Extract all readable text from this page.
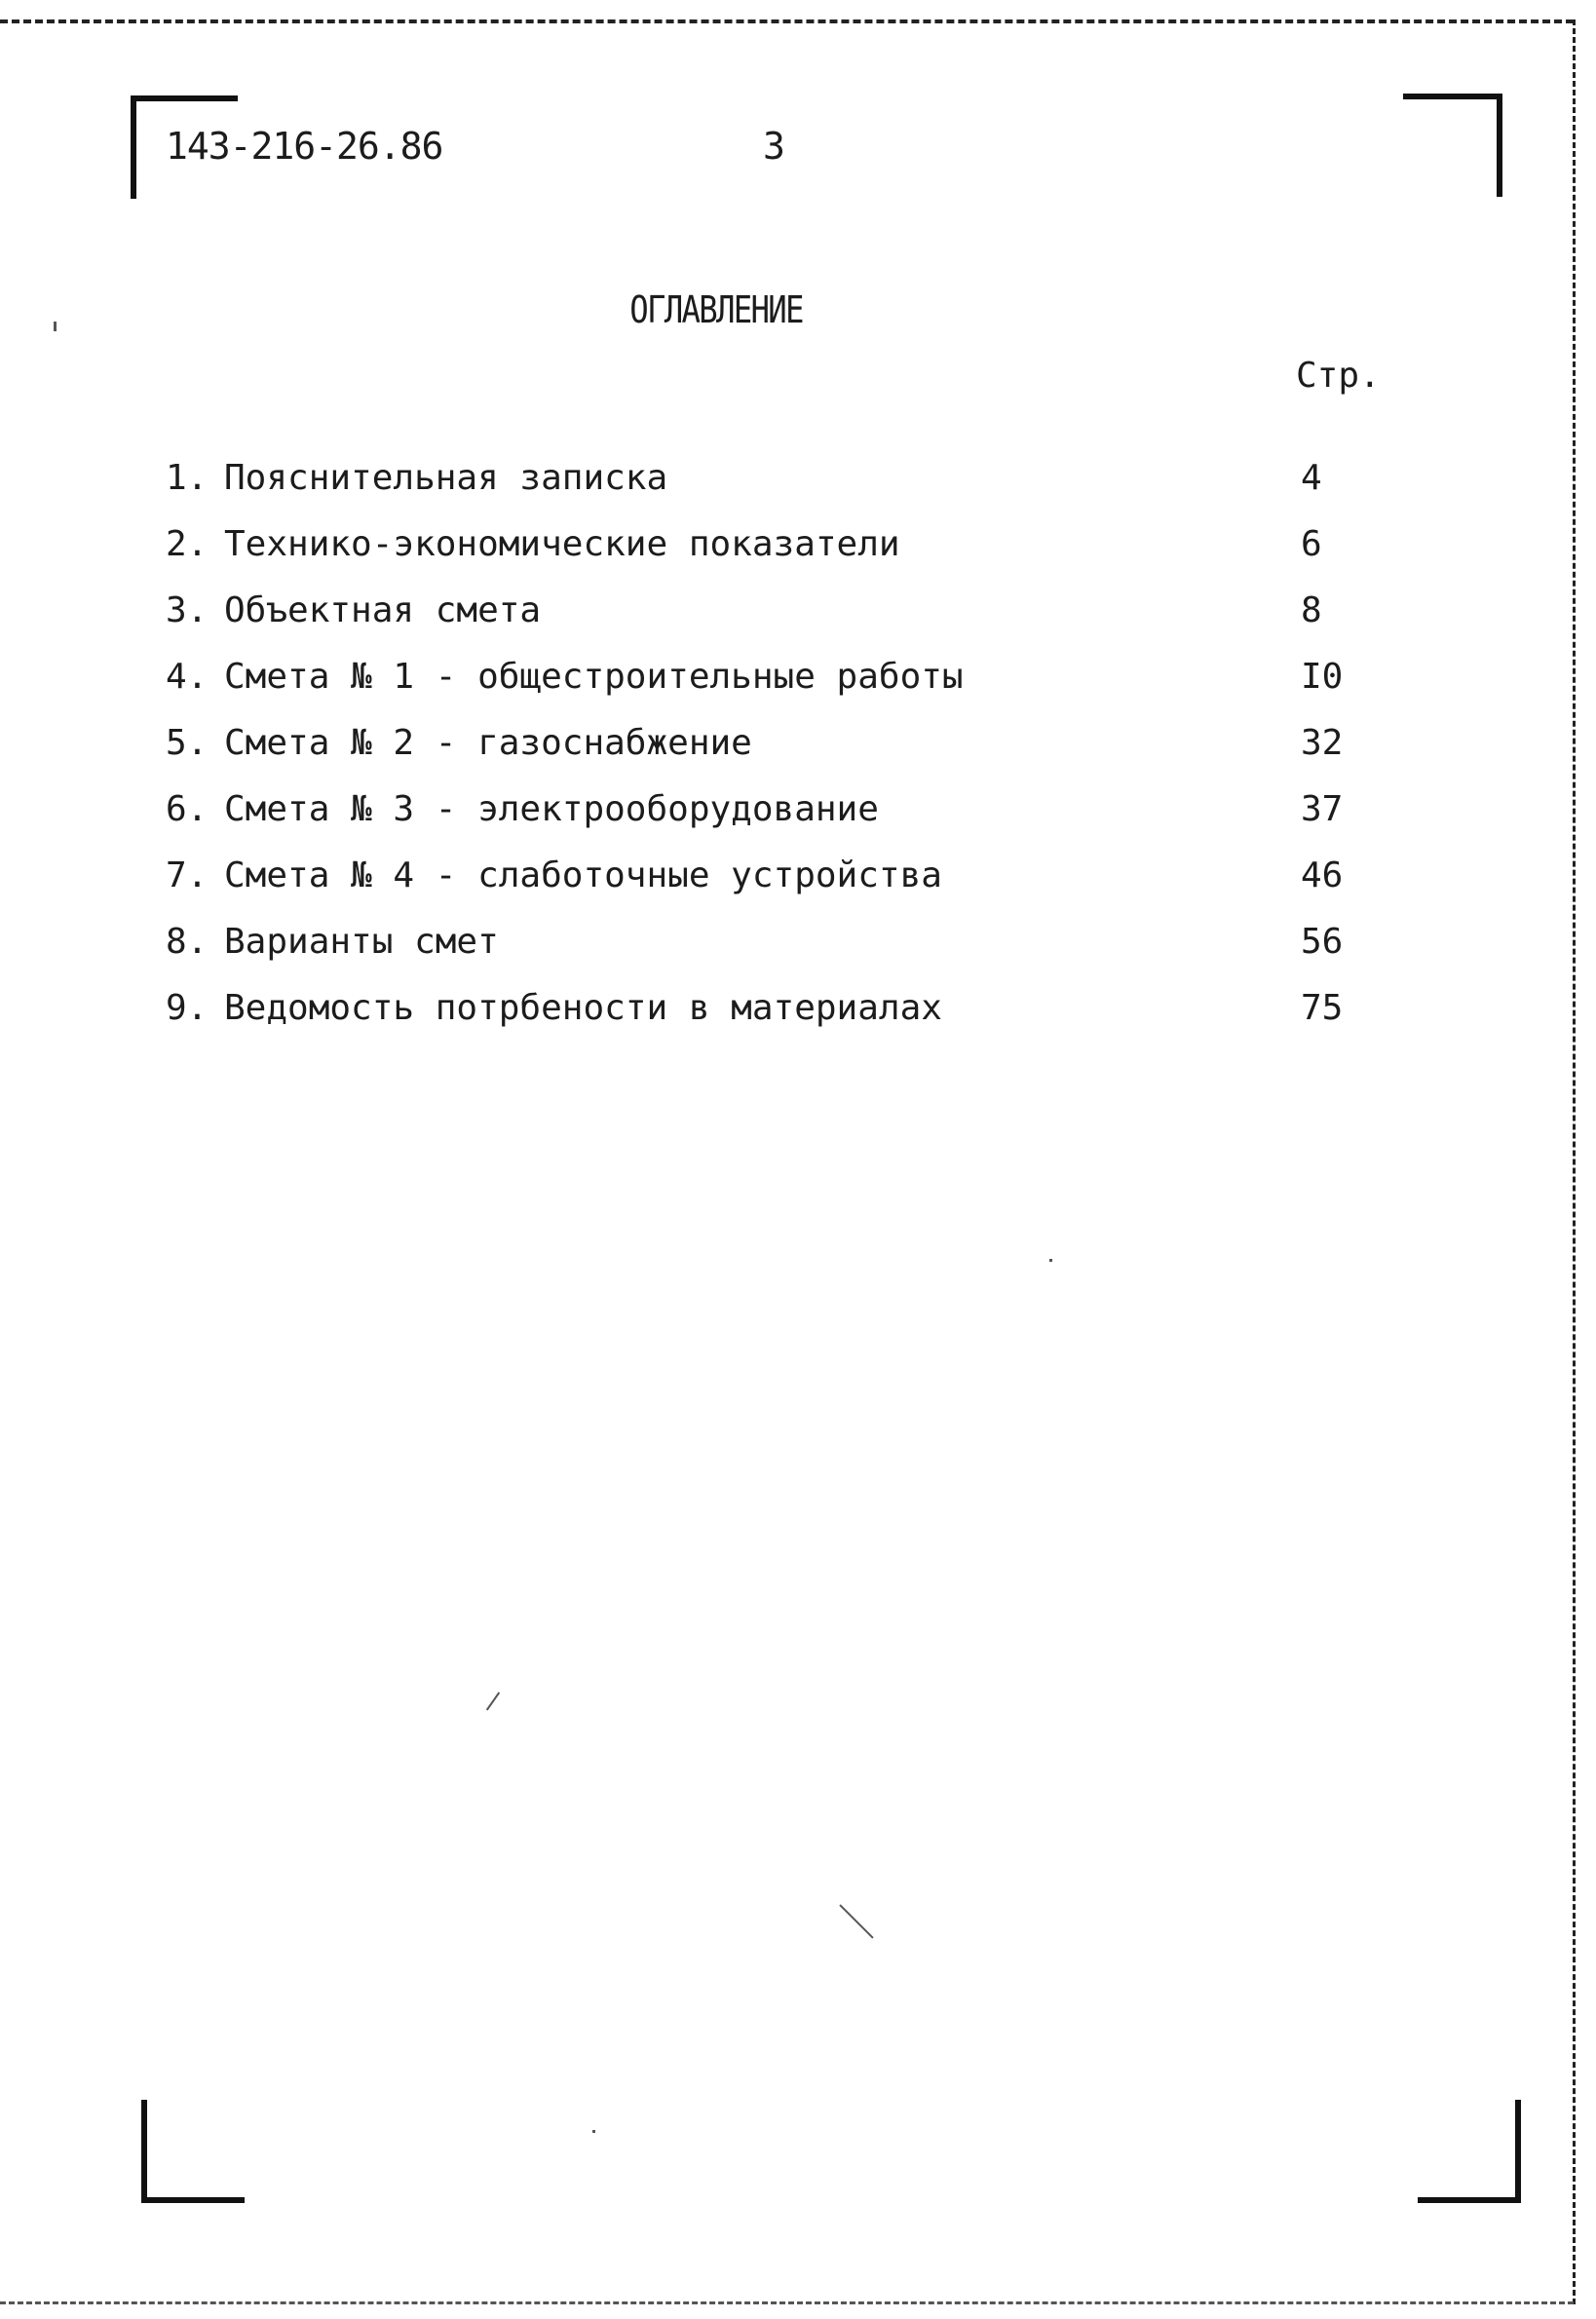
143-216-26.86	3
ОГЛАВЛЕНИЕ
Стр.
1. Пояснительная записка	4
2. Технико-экономические показатели	6
3. Объектная смета	8
4. Смета № 1 - общестроительные работы	I0
5. Смета № 2 - газоснабжение	32
6. Смета № 3 - электрооборудование	37
7. Смета № 4 - слаботочные устройства	46
8. Варианты смет	56
9. Ведомость потрбености в материалах	75
